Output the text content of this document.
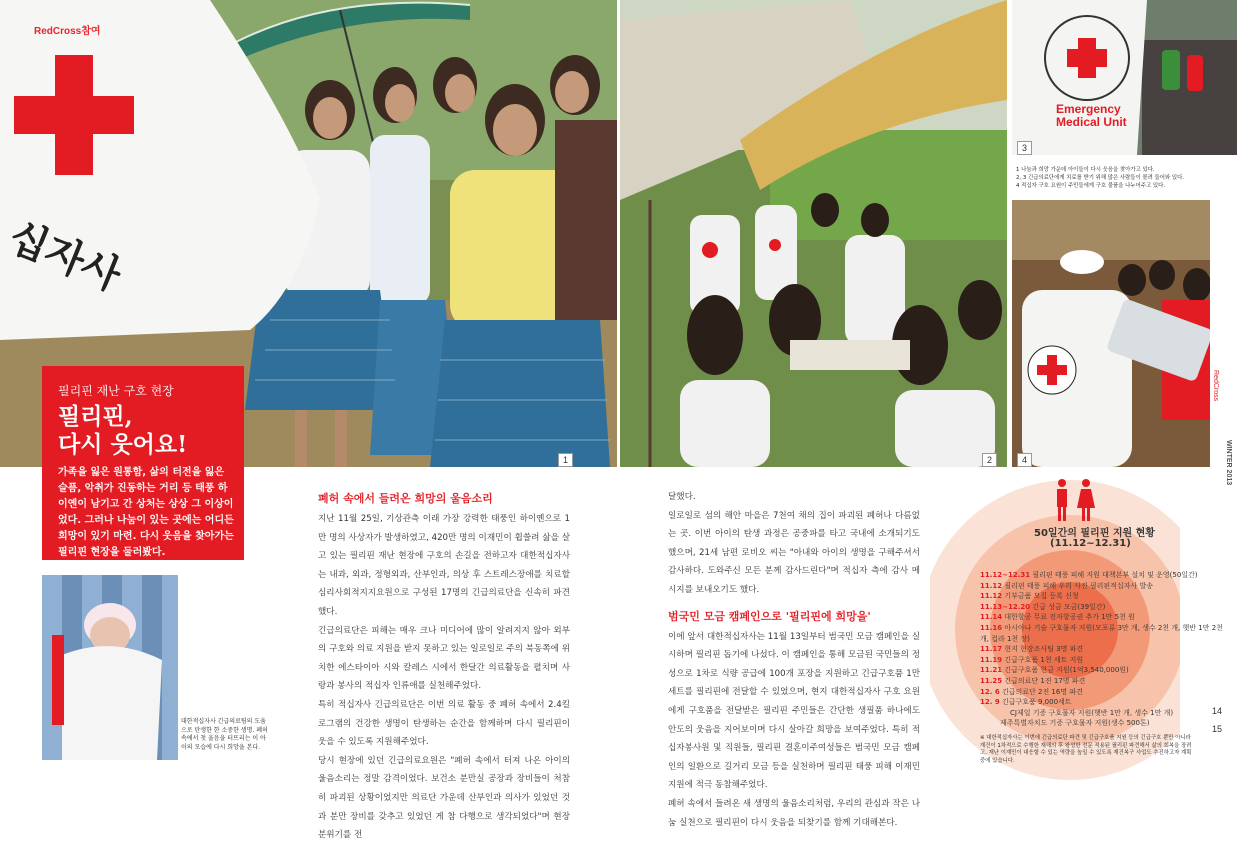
십자사
1
RedCross참여
2
Emergency
Medical Unit
3
1 나눔과 희망 가운데 아이들이 다시 웃음을 찾아가고 있다.
2, 3 긴급의료단에게 치료를 받기 위해 많은 사람들이 몰려 들어와 있다.
4 적십자 구호 요원이 주민들에게 구호 물품을 나누어주고 있다.
4
RedCross
WINTER 2013
필리핀 재난 구호 현장
필리핀,
다시 웃어요!
가족을 잃은 원통함, 삶의 터전을 잃은 슬픔, 악취가 진동하는 거리 등 태풍 하이옌이 남기고 간 상처는 상상 그 이상이었다. 그러나 나눔이 있는 곳에는 어디든 희망이 있기 마련. 다시 웃음을 찾아가는 필리핀 현장을 둘러봤다.
대한적십자사 긴급의료팀의 도움으로 탄생한 한 소중한 생명. 폐허 속에서 첫 울음을 터뜨리는 이 아이의 모습에 다시 희망을 본다.
폐허 속에서 들려온 희망의 울음소리

지난 11월 25일, 기상관측 이래 가장 강력한 태풍인 하이옌으로 1만 명의 사상자가 발생하였고, 420만 명의 이재민이 휩쓸려 삶을 살고 있는 필리핀 재난 현장에 구호의 손길을 전하고자 대한적십자사는 내과, 외과, 정형외과, 산부인과, 의상 후 스트레스장애를 치료할 심리사회적지지요원으로 구성된 17명의 긴급의료단을 신속히 파견했다.

긴급의료단은 피해는 매우 크나 미디어에 많이 알려지지 않아 외부의 구호와 의료 지원을 받지 못하고 있는 일로일로 주의 북동쪽에 위치한 에스타이아 시와 칼레스 시에서 한달간 의료활동을 펼치며 사랑과 봉사의 적십자 인류애를 실천해주었다.

특히 적십자사 긴급의료단은 이번 의료 활동 중 폐허 속에서 2.4킬로그램의 건강한 생명이 탄생하는 순간을 함께하며 다시 필리핀이 웃을 수 있도록 지원해주었다.

당시 현장에 있던 긴급의료요원은 "폐허 속에서 터져 나온 아이의 울음소리는 정말 감격이었다. 보건소 분만실 공장과 장비들이 처참히 파괴된 상황이었지만 의료단 가운데 산부인과 의사가 있었던 것과 분만 장비를 갖추고 있었던 게 참 다행으로 생각되었다"며 현장 분위기를 전

달했다.

일로일로 섬의 해안 마을은 7천여 채의 집이 파괴된 폐허나 다름없는 곳. 이번 아이의 탄생 과정은 공중파를 타고 국내에 소개되기도 했으며, 21세 남편 로비오 씨는 "아내와 아이의 생명을 구해주셔서 감사하다. 도와주신 모든 분께 감사드린다"며 적십자 측에 감사 메시지를 보내오기도 했다.

범국민 모금 캠페인으로 '필리핀에 희망을'

이에 앞서 대한적십자사는 11월 13일부터 범국민 모금 캠페인을 실시하며 필리핀 돕기에 나섰다. 이 캠페인을 통해 모금된 국민들의 정성으로 1차로 식량 공급에 100개 포장을 지원하고 긴급구호품 1만 세트를 필리핀에 전달할 수 있었으며, 현지 대한적십자사 구호 요원에게 구호품을 전달받은 필리핀 주민들은 간단한 생필품 하나에도 안도의 웃음을 지어보이며 다시 살아갈 희망을 보여주었다. 특히 적십자봉사원 및 직원들, 필리핀 결혼이주여성들은 범국민 모금 캠페인의 일환으로 길거리 모금 등을 실천하며 필리핀 태풍 피해 이재민 지원에 적극 동참해주었다.

폐허 속에서 들려온 새 생명의 울음소리처럼, 우리의 관심과 작은 나눔 실천으로 필리핀이 다시 웃음을 되찾기를 함께 기대해본다.

50일간의 필리핀 지원 현황
(11.12~12.31)
11.12~12.31 필리핀 태풍 피해 지원 대책본부 설치 및 운영(50일간)
11.12 필리핀 태풍 피해 우리 사진 필리핀적십자사 발송
11.12 기부금품 모집 등록 신청
11.13~12.20 긴급 성금 모금(39일간)
11.14 대한항공 무료 전자항공권 추가 1만 5천 원
11.16 아시아나 기술 구호물자 지원(모포류 3만 개, 생수 2천 개, 햇반 1만 2천 개, 컵라 1천 장)
11.17 현지 현장조사팀 3명 파견
11.19 긴급구호품 1천 세트 지원
11.21 긴급구호품 현금 지원(1억3,540,000원)
11.25 긴급의료단 1진 17명 파견
12. 6 긴급의료단 2진 16명 파견
12. 9 긴급구호품 9,000세트
CJ제일 기증 구호물자 지원(햇반 1만 개, 생수 1만 개)
제주특별자치도 기증 구호물자 지원(생수 500톤)
※ 대한적십자사는 이번에 긴급의료단 파견 및 긴급구호품 지원 등의 긴급구호 뿐만 아니라 재건이 1차적으로 수행한 재해의 후 왕성한 전문 적용된 필리핀 파견해서 삶의 회복을 장려고, 재난 이재민이 대응할 수 있는 역량을 높일 수 있도록 재건복구 사업도 추진하고자 계획 중에 있습니다.
14
15
